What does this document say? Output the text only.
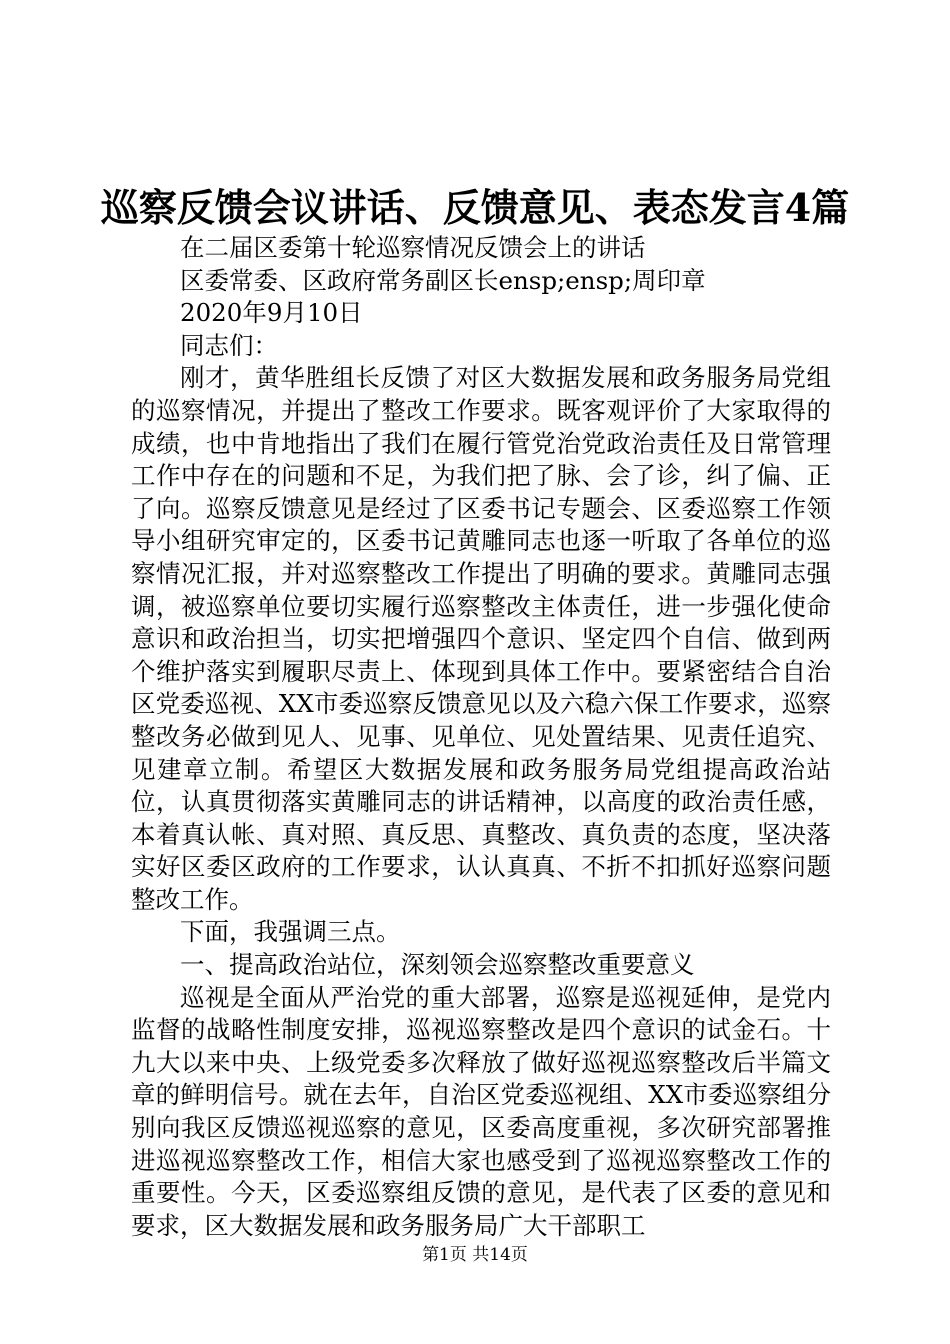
巡察反馈会议讲话、反馈意见、表态发言4篇

在二届区委第十轮巡察情况反馈会上的讲话

区委常委、区政府常务副区长ensp;ensp;周印章

2020年9月10日

同志们：

刚才，黄华胜组长反馈了对区大数据发展和政务服务局党组的巡察情况，并提出了整改工作要求。既客观评价了大家取得的成绩，也中肯地指出了我们在履行管党治党政治责任及日常管理工作中存在的问题和不足，为我们把了脉、会了诊，纠了偏、正了向。巡察反馈意见是经过了区委书记专题会、区委巡察工作领导小组研究审定的，区委书记黄雕同志也逐一听取了各单位的巡察情况汇报，并对巡察整改工作提出了明确的要求。黄雕同志强调，被巡察单位要切实履行巡察整改主体责任，进一步强化使命意识和政治担当，切实把增强四个意识、坚定四个自信、做到两个维护落实到履职尽责上、体现到具体工作中。要紧密结合自治区党委巡视、XX市委巡察反馈意见以及六稳六保工作要求，巡察整改务必做到见人、见事、见单位、见处置结果、见责任追究、见建章立制。希望区大数据发展和政务服务局党组提高政治站位，认真贯彻落实黄雕同志的讲话精神，以高度的政治责任感，本着真认帐、真对照、真反思、真整改、真负责的态度，坚决落实好区委区政府的工作要求，认认真真、不折不扣抓好巡察问题整改工作。

下面，我强调三点。

一、提高政治站位，深刻领会巡察整改重要意义

巡视是全面从严治党的重大部署，巡察是巡视延伸，是党内监督的战略性制度安排，巡视巡察整改是四个意识的试金石。十九大以来中央、上级党委多次释放了做好巡视巡察整改后半篇文章的鲜明信号。就在去年，自治区党委巡视组、XX市委巡察组分别向我区反馈巡视巡察的意见，区委高度重视，多次研究部署推进巡视巡察整改工作，相信大家也感受到了巡视巡察整改工作的重要性。今天，区委巡察组反馈的意见，是代表了区委的意见和要求，区大数据发展和政务服务局广大干部职工

第1页 共14页
